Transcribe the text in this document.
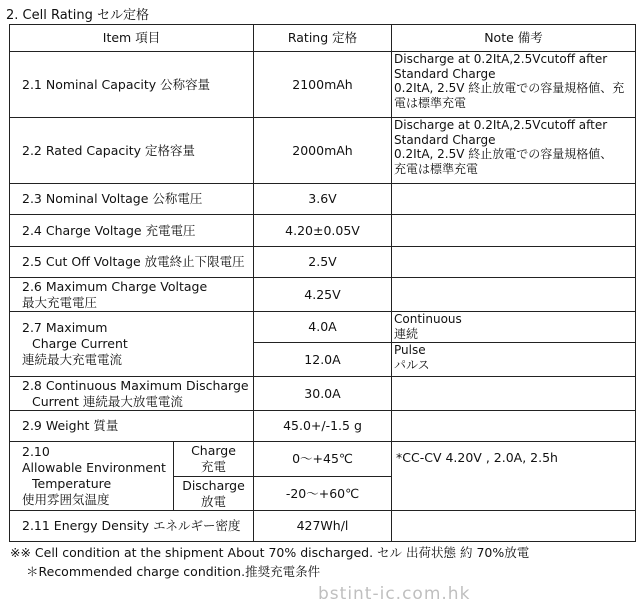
2. Cell Rating セル定格
Item 項目		Rating 定格	Note 備考
2.1 Nominal Capacity 公称容量		2100mAh	Discharge at 0.2ItA,2.5Vcutoff after
Standard Charge
0.2ItA, 2.5V 終止放電での容量規格値、充
電は標準充電

2.2 Rated Capacity 定格容量		2000mAh	Discharge at 0.2ItA,2.5Vcutoff after
Standard Charge
0.2ItA, 2.5V 終止放電での容量規格値、
充電は標準充電

2.3 Nominal Voltage 公称電圧		3.6V	
2.4 Charge Voltage 充電電圧		4.20±0.05V	
2.5 Cut Off Voltage 放電終止下限電圧		2.5V	

2.6 Maximum Charge Voltage
最大充電電圧		4.25V	

2.7 Maximum
Charge Current
連続最大充電電流		4.0A	Continuous
連続

		12.0A	Pulse
パルス

2.8 Continuous Maximum Discharge
Current 連続最大放電電流		30.0A	
2.9 Weight 質量		45.0+/-1.5 g	

2.10
Allowable Environment
Temperature
使用雰囲気温度	Charge
充電	0～+45℃	*CC-CV 4.20V , 2.0A, 2.5h

	Discharge
放電	-20～+60℃	
2.11 Energy Density エネルギー密度		427Wh/l	
※※ Cell condition at the shipment About 70% discharged. セル 出荷状態 約 70%放電
＊Recommended charge condition.推奨充電条件
bstint-ic.com.hk
